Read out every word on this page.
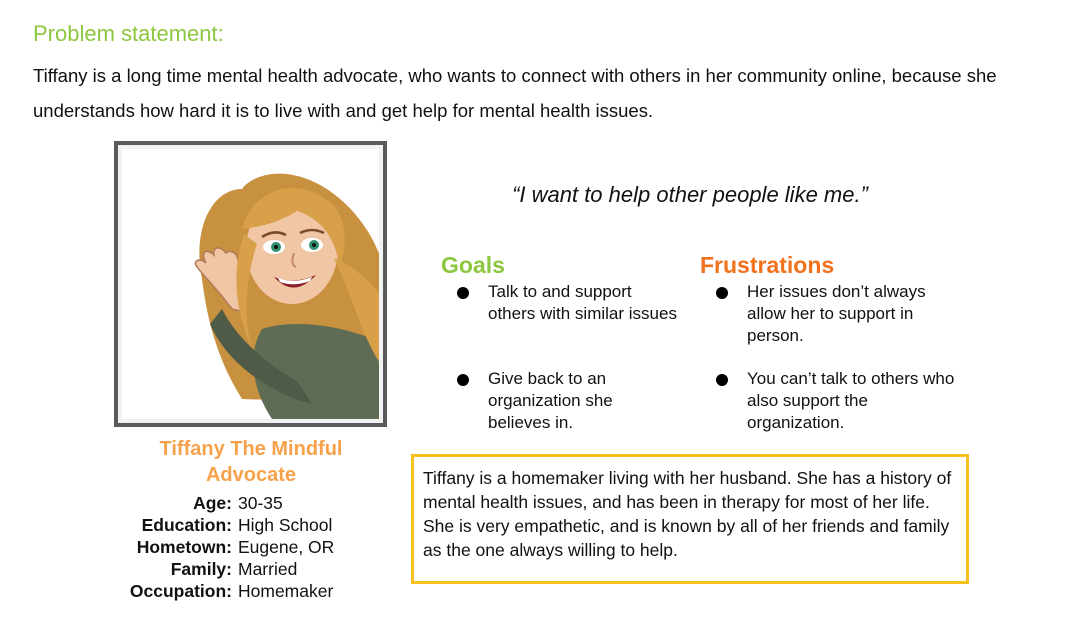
Problem statement:
Tiffany is a long time mental health advocate, who wants to connect with others in her community online, because she understands how hard it is to live with and get help for mental health issues.
Tiffany The Mindful Advocate
Age: 30-35
Education: High School
Hometown: Eugene, OR
Family: Married
Occupation: Homemaker
“I want to help other people like me.”
Goals
Talk to and support others with similar issues
Give back to an organization she believes in.
Frustrations
Her issues don’t always allow her to support in person.
You can’t talk to others who also support the organization.
Tiffany is a homemaker living with her husband. She has a history of mental health issues, and has been in therapy for most of her life. She is very empathetic, and is known by all of her friends and family as the one always willing to help.
